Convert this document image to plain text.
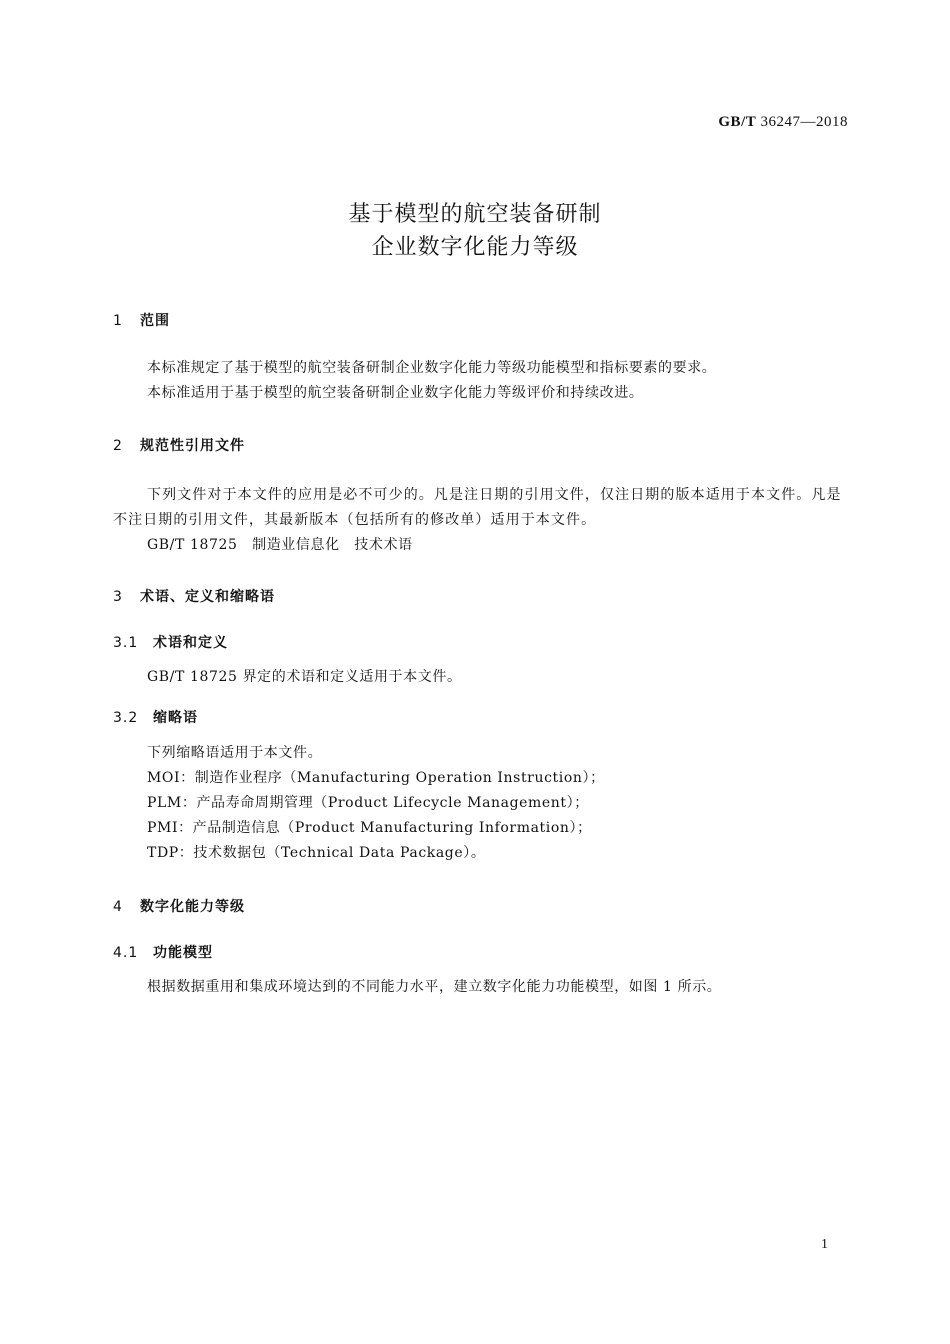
GB/T 36247—2018
基于模型的航空装备研制
企业数字化能力等级
1 范围
本标准规定了基于模型的航空装备研制企业数字化能力等级功能模型和指标要素的要求。
本标准适用于基于模型的航空装备研制企业数字化能力等级评价和持续改进。
2 规范性引用文件
下列文件对于本文件的应用是必不可少的。凡是注日期的引用文件，仅注日期的版本适用于本文件。凡是不注日期的引用文件，其最新版本（包括所有的修改单）适用于本文件。
GB/T 18725　制造业信息化　技术术语
3 术语、定义和缩略语
3.1 术语和定义
GB/T 18725 界定的术语和定义适用于本文件。
3.2 缩略语
下列缩略语适用于本文件。
MOI：制造作业程序（Manufacturing Operation Instruction）；
PLM：产品寿命周期管理（Product Lifecycle Management）；
PMI：产品制造信息（Product Manufacturing Information）；
TDP：技术数据包（Technical Data Package）。
4 数字化能力等级
4.1 功能模型
根据数据重用和集成环境达到的不同能力水平，建立数字化能力功能模型，如图 1 所示。
1
